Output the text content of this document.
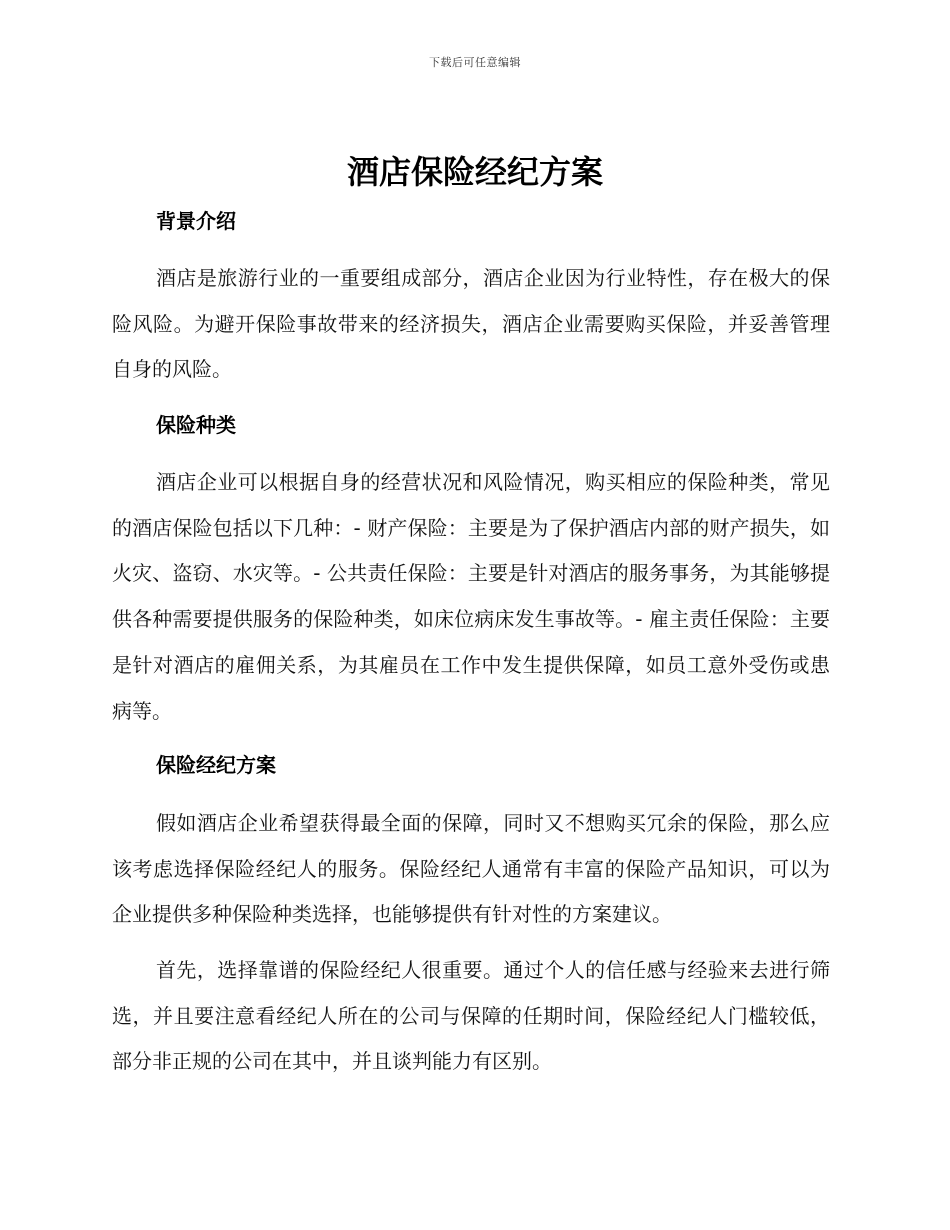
下载后可任意编辑
酒店保险经纪方案
背景介绍

酒店是旅游行业的一重要组成部分，酒店企业因为行业特性，存在极大的保险风险。为避开保险事故带来的经济损失，酒店企业需要购买保险，并妥善管理自身的风险。

保险种类

酒店企业可以根据自身的经营状况和风险情况，购买相应的保险种类，常见的酒店保险包括以下几种：- 财产保险：主要是为了保护酒店内部的财产损失，如火灾、盗窃、水灾等。- 公共责任保险：主要是针对酒店的服务事务，为其能够提供各种需要提供服务的保险种类，如床位病床发生事故等。- 雇主责任保险：主要是针对酒店的雇佣关系，为其雇员在工作中发生提供保障，如员工意外受伤或患病等。

保险经纪方案

假如酒店企业希望获得最全面的保障，同时又不想购买冗余的保险，那么应该考虑选择保险经纪人的服务。保险经纪人通常有丰富的保险产品知识，可以为企业提供多种保险种类选择，也能够提供有针对性的方案建议。

首先，选择靠谱的保险经纪人很重要。通过个人的信任感与经验来去进行筛选，并且要注意看经纪人所在的公司与保障的任期时间，保险经纪人门槛较低，部分非正规的公司在其中，并且谈判能力有区别。
